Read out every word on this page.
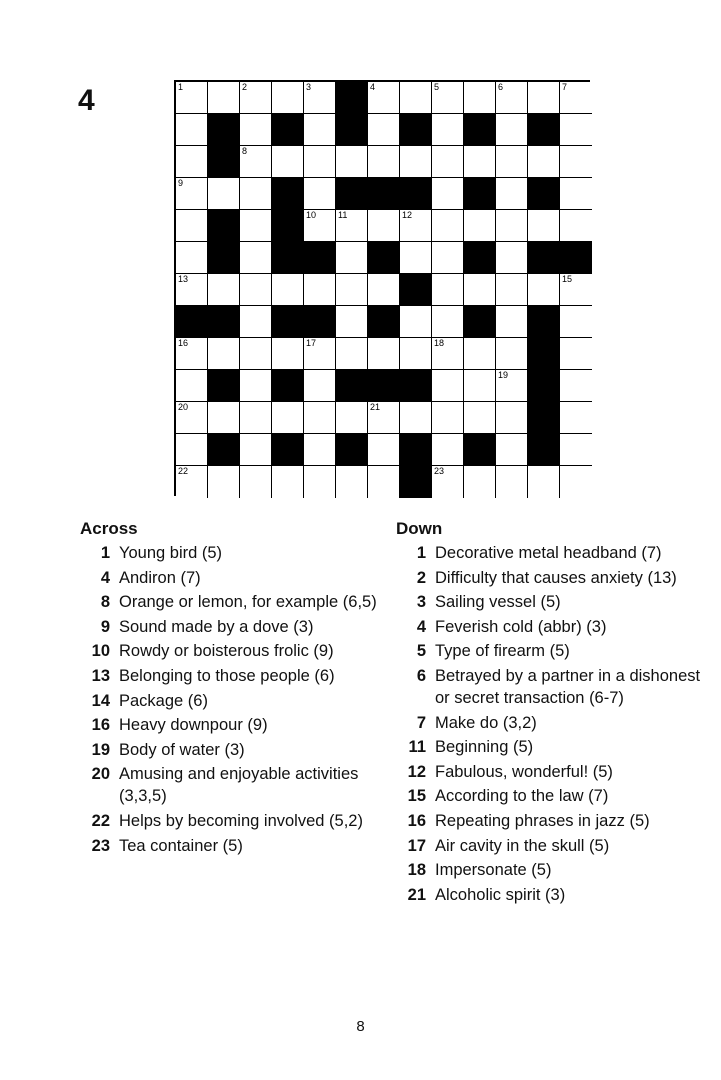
4	1	2	3	4	5	6	7
8
9
10 11	12
13	14	15
16	17	18
19
20	21
22	23
Across
1 Young bird (5)
4 Andiron (7)
8 Orange or lemon, for example (6,5)
9 Sound made by a dove (3)
10 Rowdy or boisterous frolic (9)
13 Belonging to those people (6)
14 Package (6)
16 Heavy downpour (9)
19 Body of water (3)
20 Amusing and enjoyable activities (3,3,5)
22 Helps by becoming involved (5,2)
23 Tea container (5)
Down
1 Decorative metal headband (7)
2 Difficulty that causes anxiety (13)
3 Sailing vessel (5)
4 Feverish cold (abbr) (3)
5 Type of firearm (5)
6 Betrayed by a partner in a dishonest or secret transaction (6-7)
7 Make do (3,2)
11 Beginning (5)
12 Fabulous, wonderful! (5)
15 According to the law (7)
16 Repeating phrases in jazz (5)
17 Air cavity in the skull (5)
18 Impersonate (5)
21 Alcoholic spirit (3)
8
